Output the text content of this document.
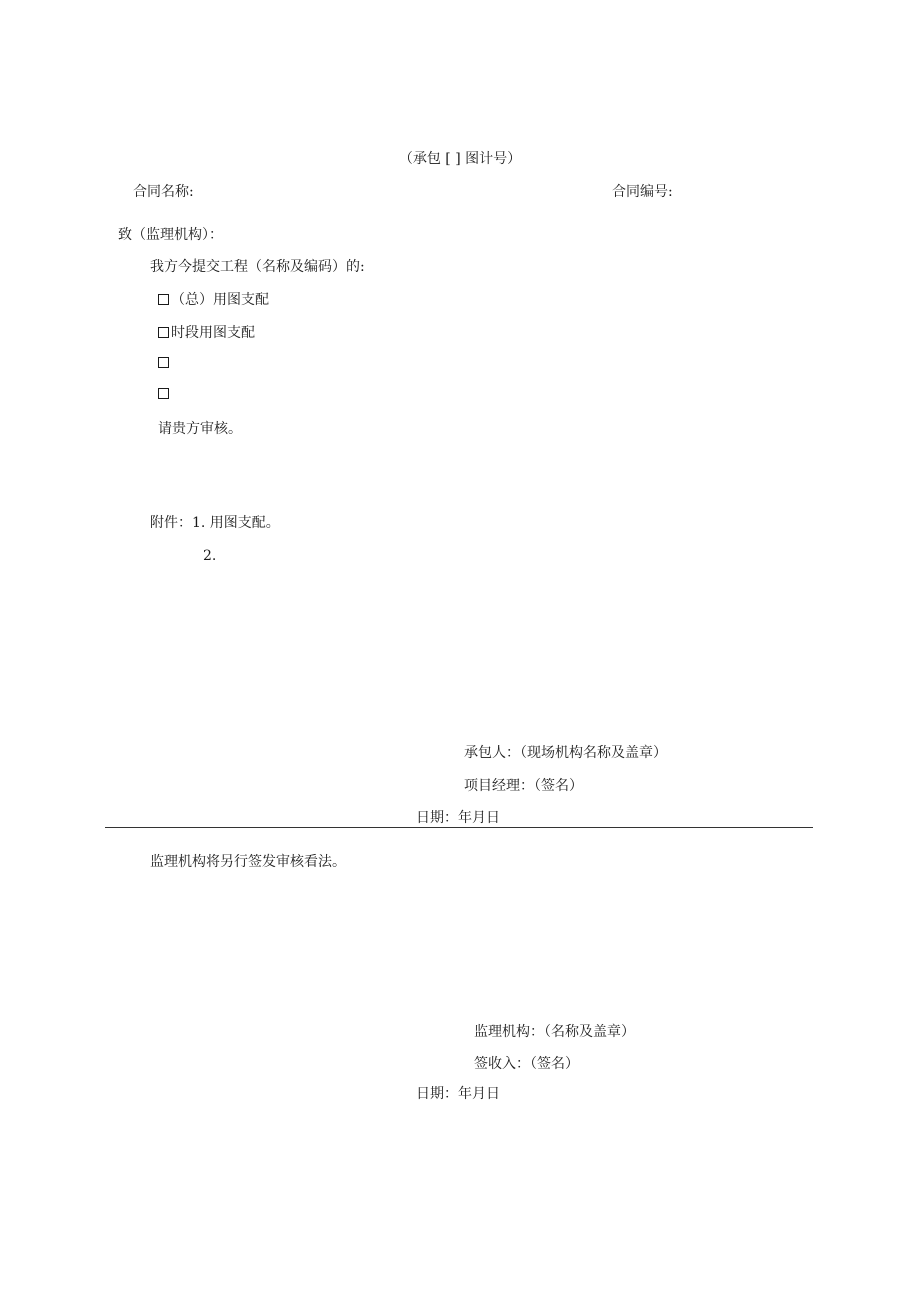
（承包 [ ] 图计号）
合同名称:	合同编号:
致（监理机构）：
我方今提交工程（名称及编码）的:
（总）用图支配
时段用图支配
请贵方审核。
附件：1. 用图支配。
2.
承包人：（现场机构名称及盖章）
项目经理：（签名）
日期：年月日
监理机构将另行签发审核看法。
监理机构：（名称及盖章）
签收入：（签名）
日期：年月日
